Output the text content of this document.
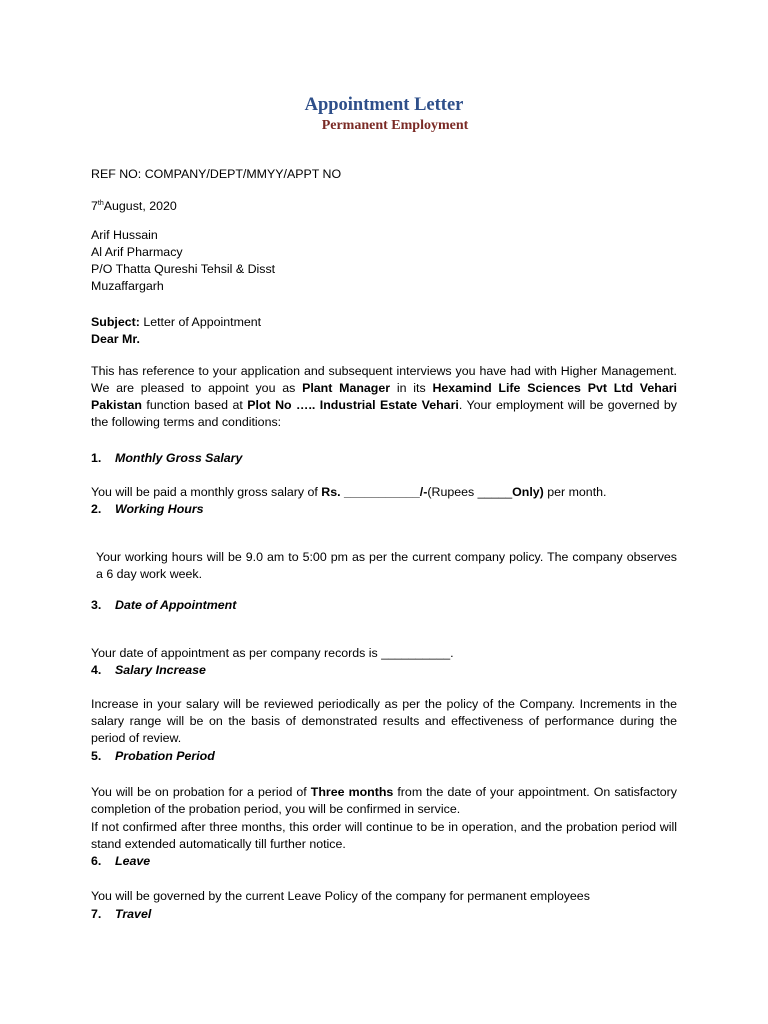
Appointment Letter
Permanent Employment
REF NO: COMPANY/DEPT/MMYY/APPT NO
7thAugust, 2020
Arif Hussain
Al Arif Pharmacy
P/O Thatta Qureshi Tehsil & Disst
Muzaffargarh
Subject: Letter of Appointment
Dear Mr.
This has reference to your application and subsequent interviews you have had with Higher Management. We are pleased to appoint you as Plant Manager in its Hexamind Life Sciences Pvt Ltd Vehari Pakistan function based at Plot No ….. Industrial Estate Vehari. Your employment will be governed by the following terms and conditions:
1. Monthly Gross Salary
You will be paid a monthly gross salary of Rs. ___________/-(Rupees _____Only) per month.
2. Working Hours
Your working hours will be 9.0 am to 5:00 pm as per the current company policy. The company observes a 6 day work week.
3. Date of Appointment
Your date of appointment as per company records is __________.
4. Salary Increase
Increase in your salary will be reviewed periodically as per the policy of the Company. Increments in the salary range will be on the basis of demonstrated results and effectiveness of performance during the period of review.
5. Probation Period
You will be on probation for a period of Three months from the date of your appointment. On satisfactory completion of the probation period, you will be confirmed in service.
If not confirmed after three months, this order will continue to be in operation, and the probation period will stand extended automatically till further notice.
6. Leave
You will be governed by the current Leave Policy of the company for permanent employees
7. Travel
